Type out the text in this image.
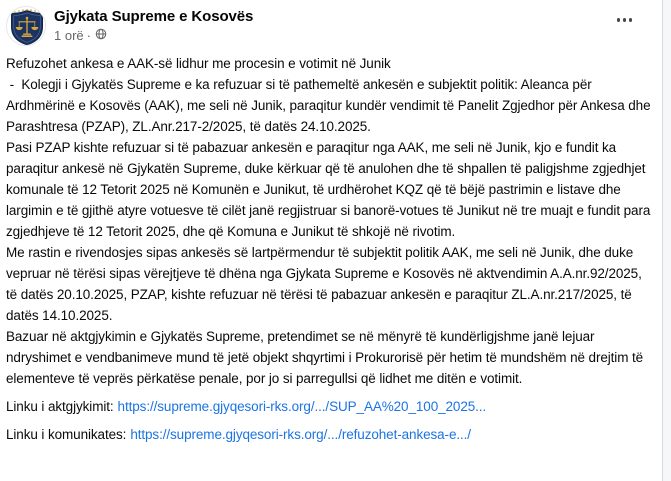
Gjykata Supreme e Kosovës
1 orë ·

Refuzohet ankesa e AAK-së lidhur me procesin e votimit në Junik

-  Kolegji i Gjykatës Supreme e ka refuzuar si të pathemeltë ankesën e subjektit politik: Aleanca për Ardhmërinë e Kosovës (AAK), me seli në Junik, paraqitur kundër vendimit të Panelit Zgjedhor për Ankesa dhe Parashtresa (PZAP), ZL.Anr.217-2/2025, të datës 24.10.2025.

Pasi PZAP kishte refuzuar si të pabazuar ankesën e paraqitur nga AAK, me seli në Junik, kjo e fundit ka paraqitur ankesë në Gjykatën Supreme, duke kërkuar që të anulohen dhe të shpallen të paligjshme zgjedhjet komunale të 12 Tetorit 2025 në Komunën e Junikut, të urdhërohet KQZ që të bëjë pastrimin e listave dhe largimin e të gjithë atyre votuesve të cilët janë regjistruar si banorë-votues të Junikut në tre muajt e fundit para zgjedhjeve të 12 Tetorit 2025, dhe që Komuna e Junikut të shkojë në rivotim.

Me rastin e rivendosjes sipas ankesës së lartpërmendur të subjektit politik AAK, me seli në Junik, dhe duke vepruar në tërësi sipas vërejtjeve të dhëna nga Gjykata Supreme e Kosovës në aktvendimin A.A.nr.92/2025, të datës 20.10.2025, PZAP, kishte refuzuar në tërësi të pabazuar ankesën e paraqitur ZL.A.nr.217/2025, të datës 14.10.2025.

Bazuar në aktgjykimin e Gjykatës Supreme, pretendimet se në mënyrë të kundërligjshme janë lejuar ndryshimet e vendbanimeve mund të jetë objekt shqyrtimi i Prokurorisë për hetim të mundshëm në drejtim të elementeve të veprës përkatëse penale, por jo si parregullsi që lidhet me ditën e votimit.

Linku i aktgjykimit: https://supreme.gjyqesori-rks.org/.../SUP_AA%20_100_2025...
Linku i komunikates: https://supreme.gjyqesori-rks.org/.../refuzohet-ankesa-e.../
